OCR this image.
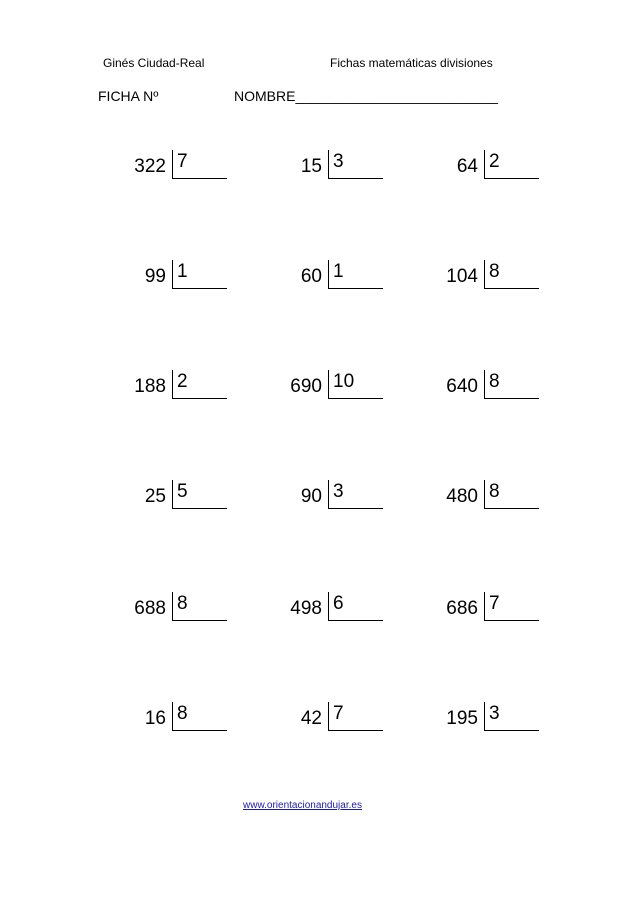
Ginés Ciudad-Real	Fichas matemáticas divisiones
FICHA Nº	NOMBRE__________________________
322 7	15 3	64 2
99 1	60 1	104 8
188 2	690 10	640 8
25 5	90 3	480 8
688 8	498 6	686 7
16 8	42 7	195 3
www.orientacionandujar.es
